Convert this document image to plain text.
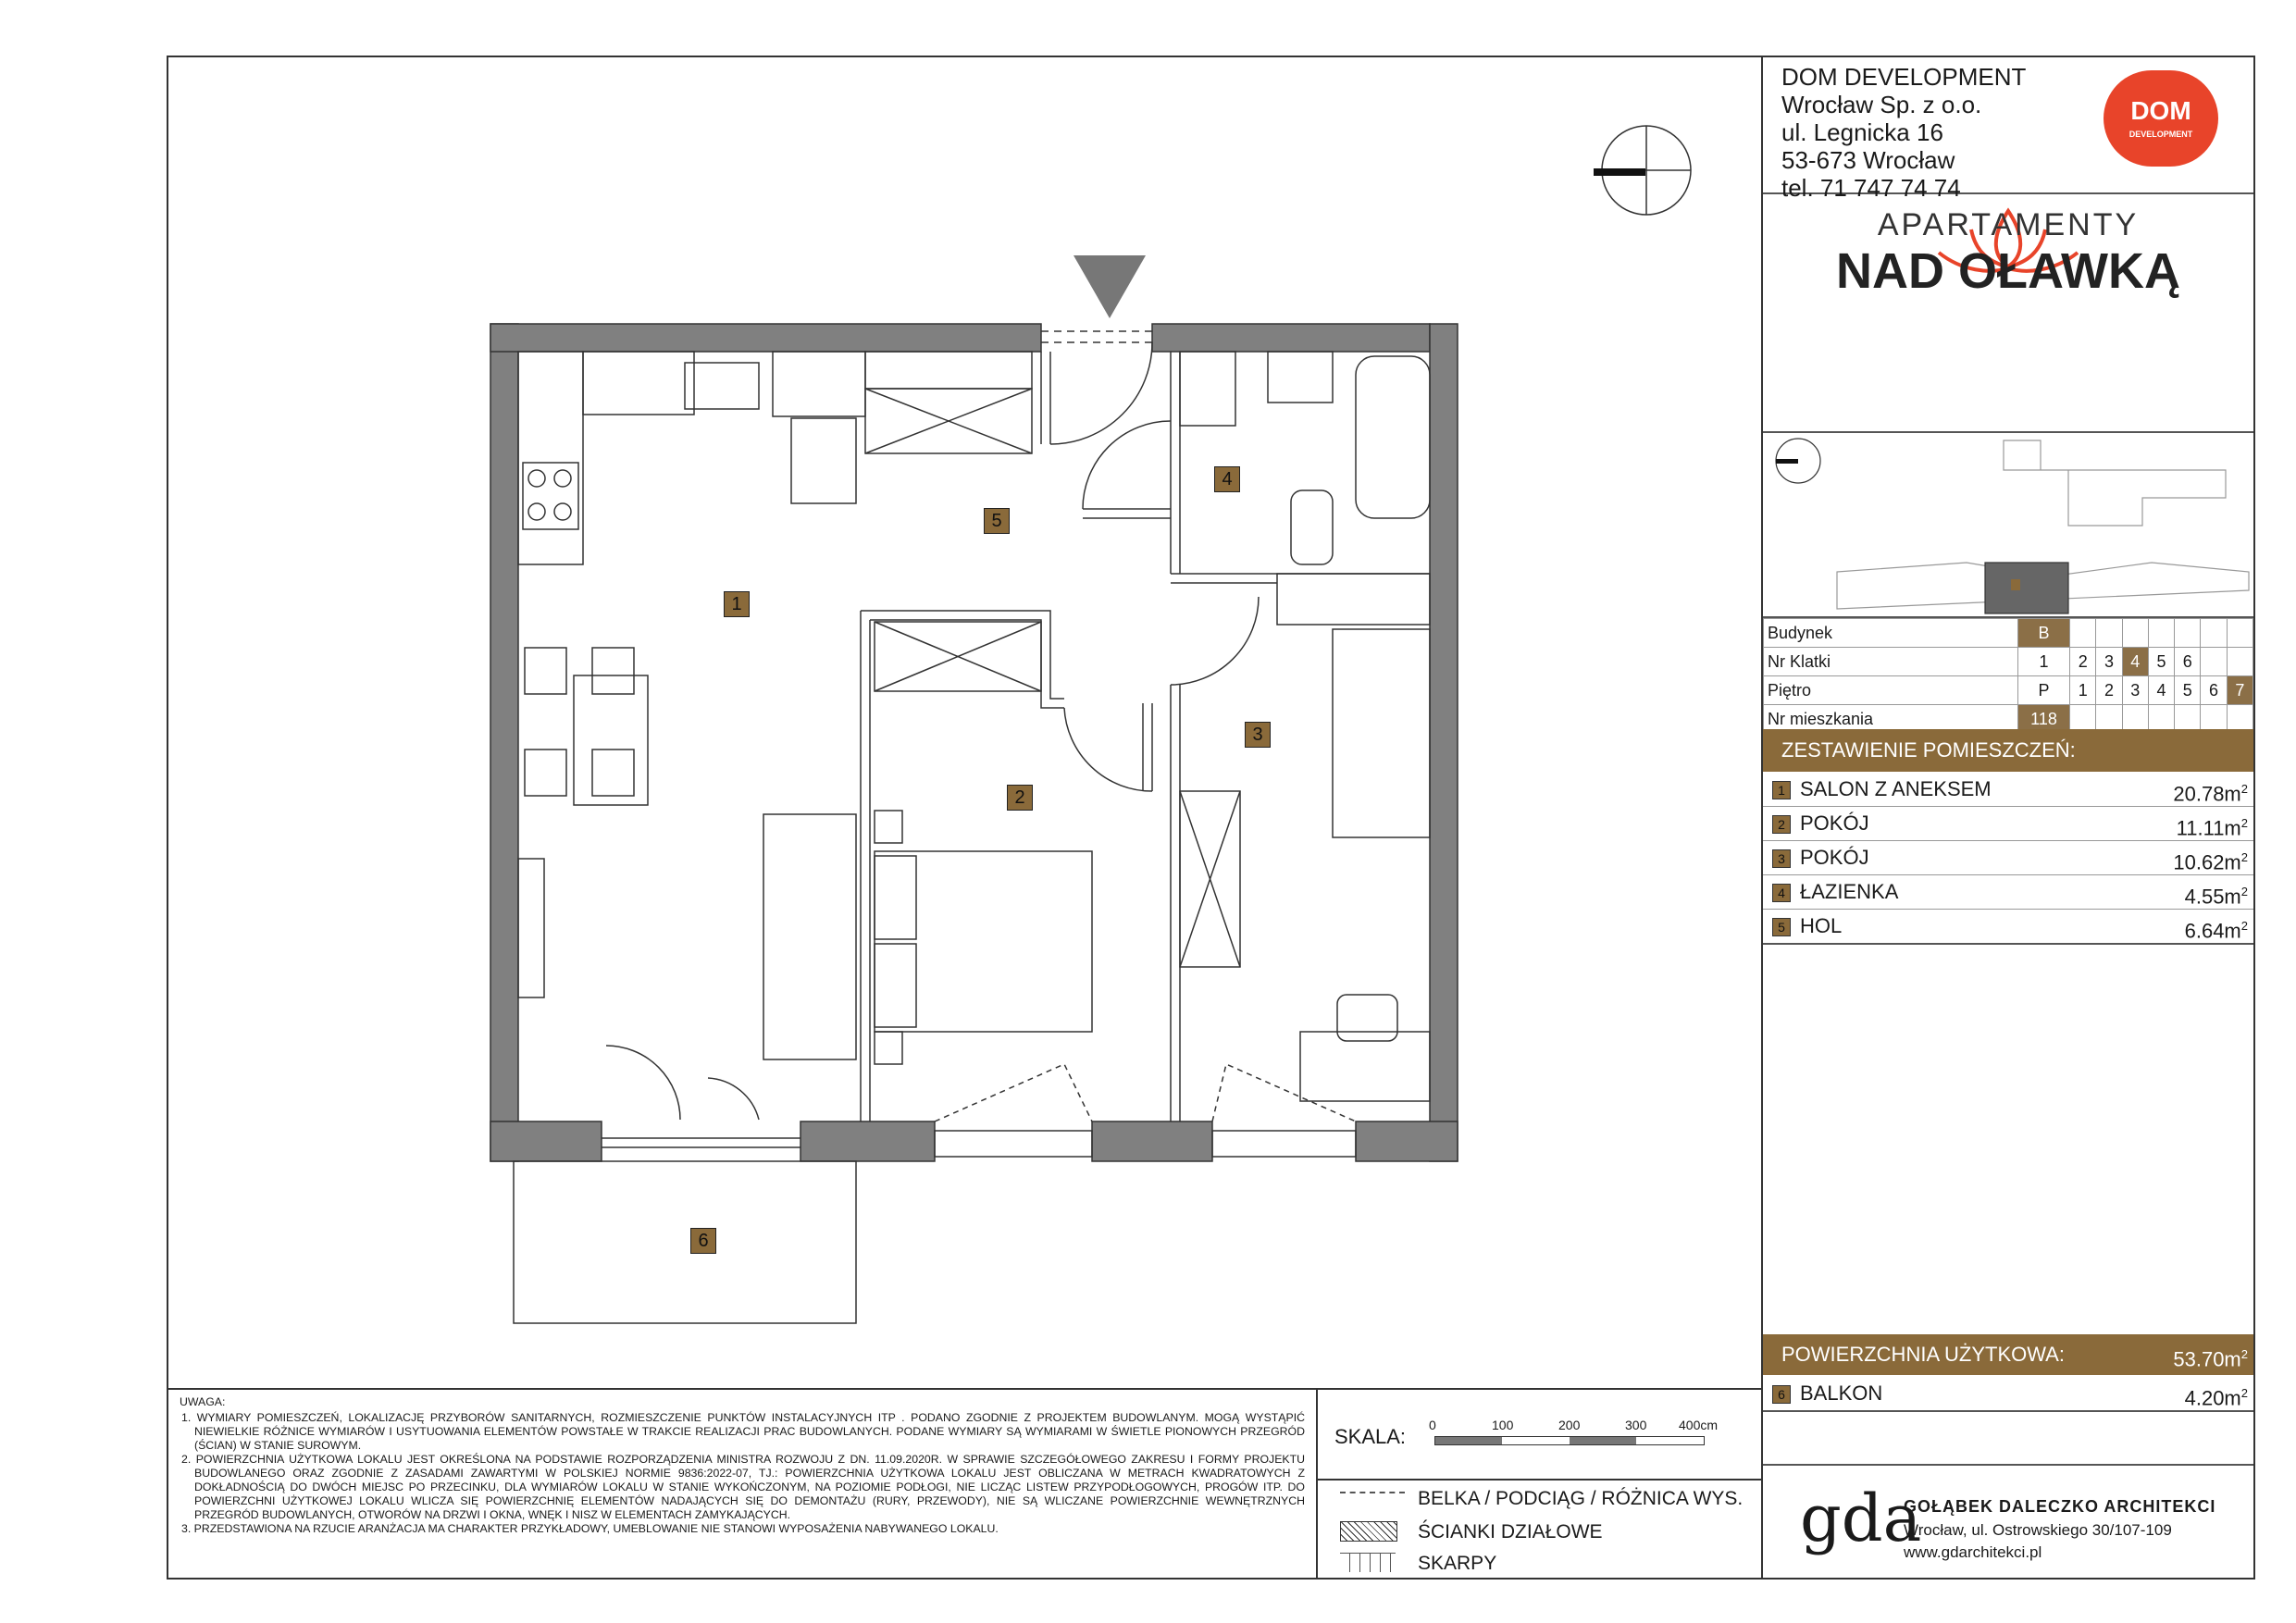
1
2
3
4
5
6
DOM DEVELOPMENT
Wrocław Sp. z o.o.
ul. Legnicka 16
53-673 Wrocław
tel. 71 747 74 74
DOM
DEVELOPMENT
APARTAMENTY
NAD OŁAWKĄ
Budynek	B							
Nr Klatki	1	2	3	4	5	6		
Piętro	P	1	2	3	4	5	6	7
Nr mieszkania	118							
ZESTAWIENIE POMIESZCZEŃ:
1 SALON Z ANEKSEM	$20.78m^2$
2 POKÓJ	$11.11m^2$
3 POKÓJ	$10.62m^2$
4 ŁAZIENKA	$4.55m^2$
5 HOL	$6.64m^2$
POWIERZCHNIA UŻYTKOWA:	$53.70m^2$
6 BALKON	$4.20m^2$
gda
GOŁĄBEK DALECZKO ARCHITEKCI
Wrocław, ul. Ostrowskiego 30/107-109
www.gdarchitekci.pl
UWAGA:

1. WYMIARY POMIESZCZEŃ, LOKALIZACJĘ PRZYBORÓW SANITARNYCH, ROZMIESZCZENIE PUNKTÓW INSTALACYJNYCH ITP . PODANO ZGODNIE Z PROJEKTEM BUDOWLANYM. MOGĄ WYSTĄPIĆ NIEWIELKIE RÓŻNICE WYMIARÓW I USYTUOWANIA ELEMENTÓW POWSTAŁE W TRAKCIE REALIZACJI PRAC BUDOWLANYCH. PODANE WYMIARY SĄ WYMIARAMI W ŚWIETLE PIONOWYCH PRZEGRÓD (ŚCIAN) W STANIE SUROWYM.

2. POWIERZCHNIA UŻYTKOWA LOKALU JEST OKREŚLONA NA PODSTAWIE ROZPORZĄDZENIA MINISTRA ROZWOJU Z DN. 11.09.2020R. W SPRAWIE SZCZEGÓŁOWEGO ZAKRESU I FORMY PROJEKTU BUDOWLANEGO ORAZ ZGODNIE Z ZASADAMI ZAWARTYMI W POLSKIEJ NORMIE 9836:2022-07, TJ.: POWIERZCHNIA UŻYTKOWA LOKALU JEST OBLICZANA W METRACH KWADRATOWYCH Z DOKŁADNOŚCIĄ DO DWÓCH MIEJSC PO PRZECINKU, DLA WYMIARÓW LOKALU W STANIE WYKOŃCZONYM, NA POZIOMIE PODŁOGI, NIE LICZĄC LISTEW PRZYPODŁOGOWYCH, PROGÓW ITP. DO POWIERZCHNI UŻYTKOWEJ LOKALU WLICZA SIĘ POWIERZCHNIĘ ELEMENTÓW NADAJĄCYCH SIĘ DO DEMONTAŻU (RURY, PRZEWODY), NIE SĄ WLICZANE POWIERZCHNIE WEWNĘTRZNYCH PRZEGRÓD BUDOWLANYCH, OTWORÓW NA DRZWI I OKNA, WNĘK I NISZ W ELEMENTACH ZAMYKAJĄCYCH.

3. PRZEDSTAWIONA NA RZUCIE ARANŻACJA MA CHARAKTER PRZYKŁADOWY, UMEBLOWANIE NIE STANOWI WYPOSAŻENIA NABYWANEGO LOKALU.

SKALA: 0	100	200	300 400cm
BELKA / PODCIĄG / RÓŻNICA WYS.
ŚCIANKI DZIAŁOWE
SKARPY
